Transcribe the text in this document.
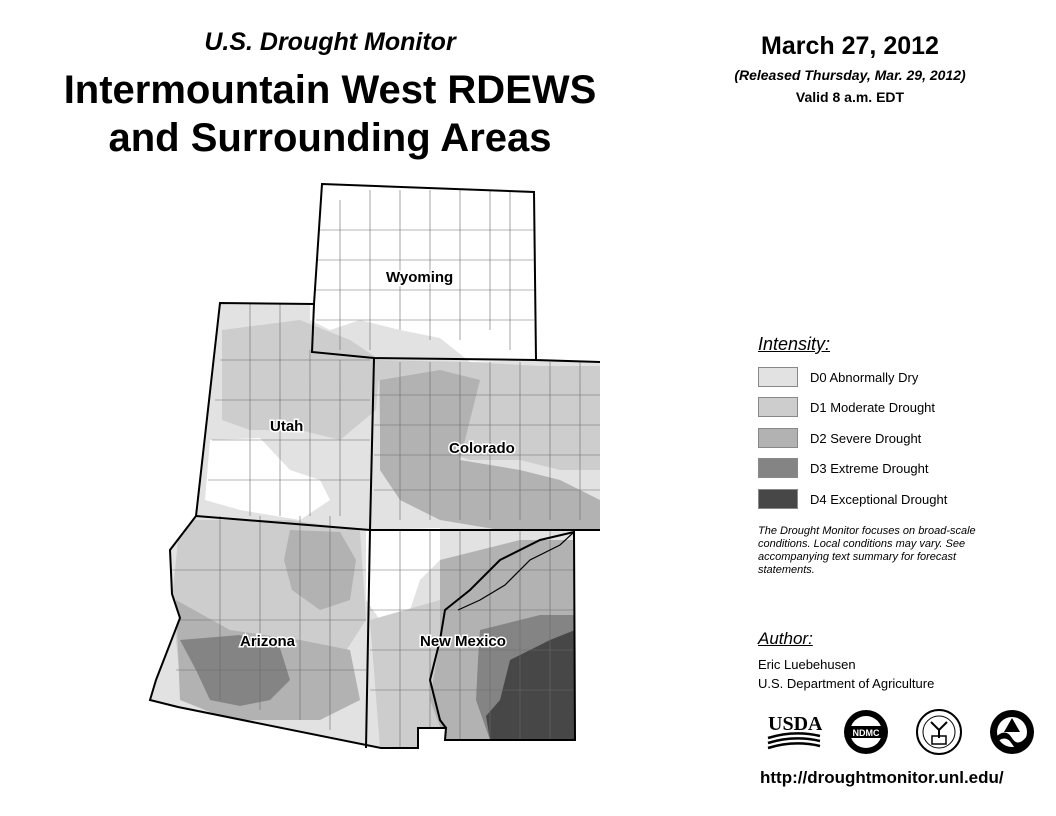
U.S. Drought Monitor
Intermountain West RDEWS
and Surrounding Areas
March 27, 2012
(Released Thursday, Mar. 29, 2012)
Valid 8 a.m. EDT
Wyoming
Utah
Colorado
Arizona	New Mexico
Intensity:
D0 Abnormally Dry
D1 Moderate Drought
D2 Severe Drought
D3 Extreme Drought
D4 Exceptional Drought
The Drought Monitor focuses on broad-scale conditions. Local conditions may vary. See accompanying text summary for forecast statements.
Author:
Eric Luebehusen
U.S. Department of Agriculture
USDA	NDMC
http://droughtmonitor.unl.edu/
